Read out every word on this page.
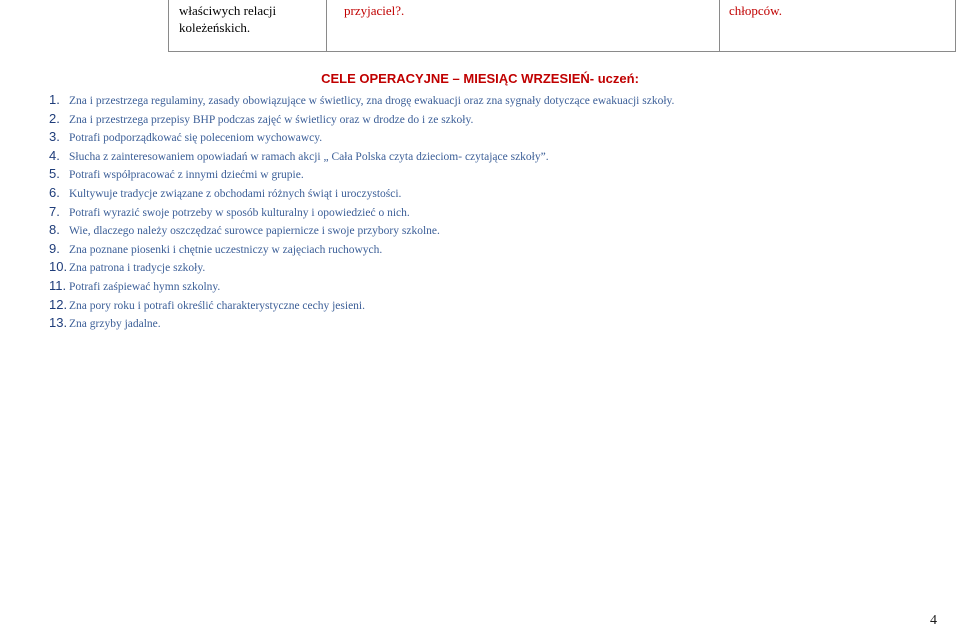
właściwych relacji koleżeńskich.
przyjaciel?.	chłopców.
CELE OPERACYJNE – MIESIĄC WRZESIEŃ- uczeń:
1. Zna i przestrzega regulaminy, zasady obowiązujące w świetlicy, zna drogę ewakuacji oraz zna sygnały dotyczące ewakuacji szkoły.
2. Zna i przestrzega przepisy BHP podczas zajęć w świetlicy oraz w drodze do i ze szkoły.
3. Potrafi podporządkować się poleceniom wychowawcy.
4. Słucha z zainteresowaniem opowiadań w ramach akcji „ Cała Polska czyta dzieciom- czytające szkoły”.
5. Potrafi współpracować z innymi dziećmi w grupie.
6. Kultywuje tradycje związane z obchodami różnych świąt i uroczystości.
7. Potrafi wyrazić swoje potrzeby w sposób kulturalny i opowiedzieć o nich.
8. Wie, dlaczego należy oszczędzać surowce papiernicze i swoje przybory szkolne.
9. Zna poznane piosenki i chętnie uczestniczy w zajęciach ruchowych.
10. Zna patrona i tradycje szkoły.
11. Potrafi zaśpiewać hymn szkolny.
12. Zna pory roku i potrafi określić charakterystyczne cechy jesieni.
13. Zna grzyby jadalne.
4
